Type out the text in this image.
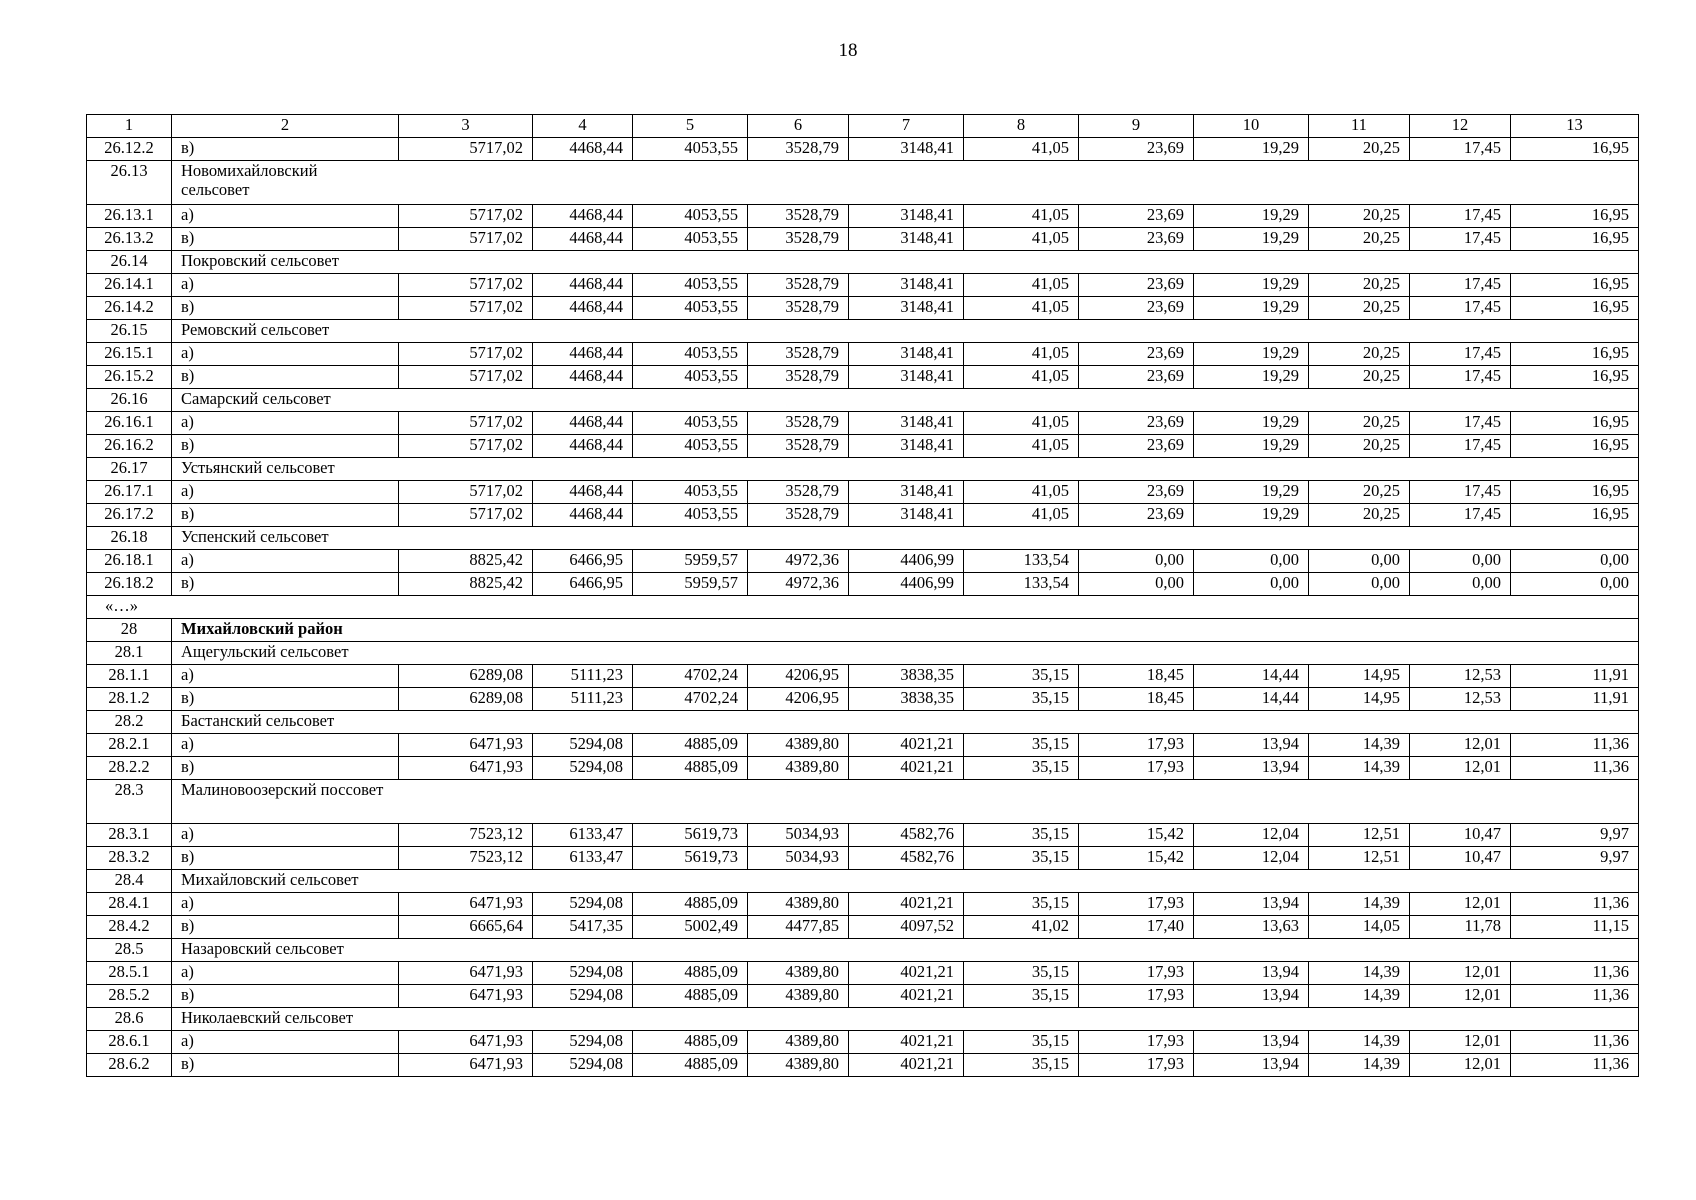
18
1	2	3	4	5	6	7	8	9	10	11	12	13
26.12.2	в)	5717,02	4468,44	4053,55	3528,79	3148,41	41,05	23,69	19,29	20,25	17,45	16,95
26.13	Новомихайловский сельсовет											
26.13.1	а)	5717,02	4468,44	4053,55	3528,79	3148,41	41,05	23,69	19,29	20,25	17,45	16,95
26.13.2	в)	5717,02	4468,44	4053,55	3528,79	3148,41	41,05	23,69	19,29	20,25	17,45	16,95
26.14	Покровский сельсовет											
26.14.1	а)	5717,02	4468,44	4053,55	3528,79	3148,41	41,05	23,69	19,29	20,25	17,45	16,95
26.14.2	в)	5717,02	4468,44	4053,55	3528,79	3148,41	41,05	23,69	19,29	20,25	17,45	16,95
26.15	Ремовский сельсовет											
26.15.1	а)	5717,02	4468,44	4053,55	3528,79	3148,41	41,05	23,69	19,29	20,25	17,45	16,95
26.15.2	в)	5717,02	4468,44	4053,55	3528,79	3148,41	41,05	23,69	19,29	20,25	17,45	16,95
26.16	Самарский сельсовет											
26.16.1	а)	5717,02	4468,44	4053,55	3528,79	3148,41	41,05	23,69	19,29	20,25	17,45	16,95
26.16.2	в)	5717,02	4468,44	4053,55	3528,79	3148,41	41,05	23,69	19,29	20,25	17,45	16,95
26.17	Устьянский сельсовет											
26.17.1	а)	5717,02	4468,44	4053,55	3528,79	3148,41	41,05	23,69	19,29	20,25	17,45	16,95
26.17.2	в)	5717,02	4468,44	4053,55	3528,79	3148,41	41,05	23,69	19,29	20,25	17,45	16,95
26.18	Успенский сельсовет											
26.18.1	а)	8825,42	6466,95	5959,57	4972,36	4406,99	133,54	0,00	0,00	0,00	0,00	0,00
26.18.2	в)	8825,42	6466,95	5959,57	4972,36	4406,99	133,54	0,00	0,00	0,00	0,00	0,00
«…»												
28	Михайловский район											
28.1	Ащегульский сельсовет											
28.1.1	а)	6289,08	5111,23	4702,24	4206,95	3838,35	35,15	18,45	14,44	14,95	12,53	11,91
28.1.2	в)	6289,08	5111,23	4702,24	4206,95	3838,35	35,15	18,45	14,44	14,95	12,53	11,91
28.2	Бастанский сельсовет											
28.2.1	а)	6471,93	5294,08	4885,09	4389,80	4021,21	35,15	17,93	13,94	14,39	12,01	11,36
28.2.2	в)	6471,93	5294,08	4885,09	4389,80	4021,21	35,15	17,93	13,94	14,39	12,01	11,36
28.3	Малиновоозерский поссовет											
28.3.1	а)	7523,12	6133,47	5619,73	5034,93	4582,76	35,15	15,42	12,04	12,51	10,47	9,97
28.3.2	в)	7523,12	6133,47	5619,73	5034,93	4582,76	35,15	15,42	12,04	12,51	10,47	9,97
28.4	Михайловский сельсовет											
28.4.1	а)	6471,93	5294,08	4885,09	4389,80	4021,21	35,15	17,93	13,94	14,39	12,01	11,36
28.4.2	в)	6665,64	5417,35	5002,49	4477,85	4097,52	41,02	17,40	13,63	14,05	11,78	11,15
28.5	Назаровский сельсовет											
28.5.1	а)	6471,93	5294,08	4885,09	4389,80	4021,21	35,15	17,93	13,94	14,39	12,01	11,36
28.5.2	в)	6471,93	5294,08	4885,09	4389,80	4021,21	35,15	17,93	13,94	14,39	12,01	11,36
28.6	Николаевский сельсовет											
28.6.1	а)	6471,93	5294,08	4885,09	4389,80	4021,21	35,15	17,93	13,94	14,39	12,01	11,36
28.6.2	в)	6471,93	5294,08	4885,09	4389,80	4021,21	35,15	17,93	13,94	14,39	12,01	11,36
